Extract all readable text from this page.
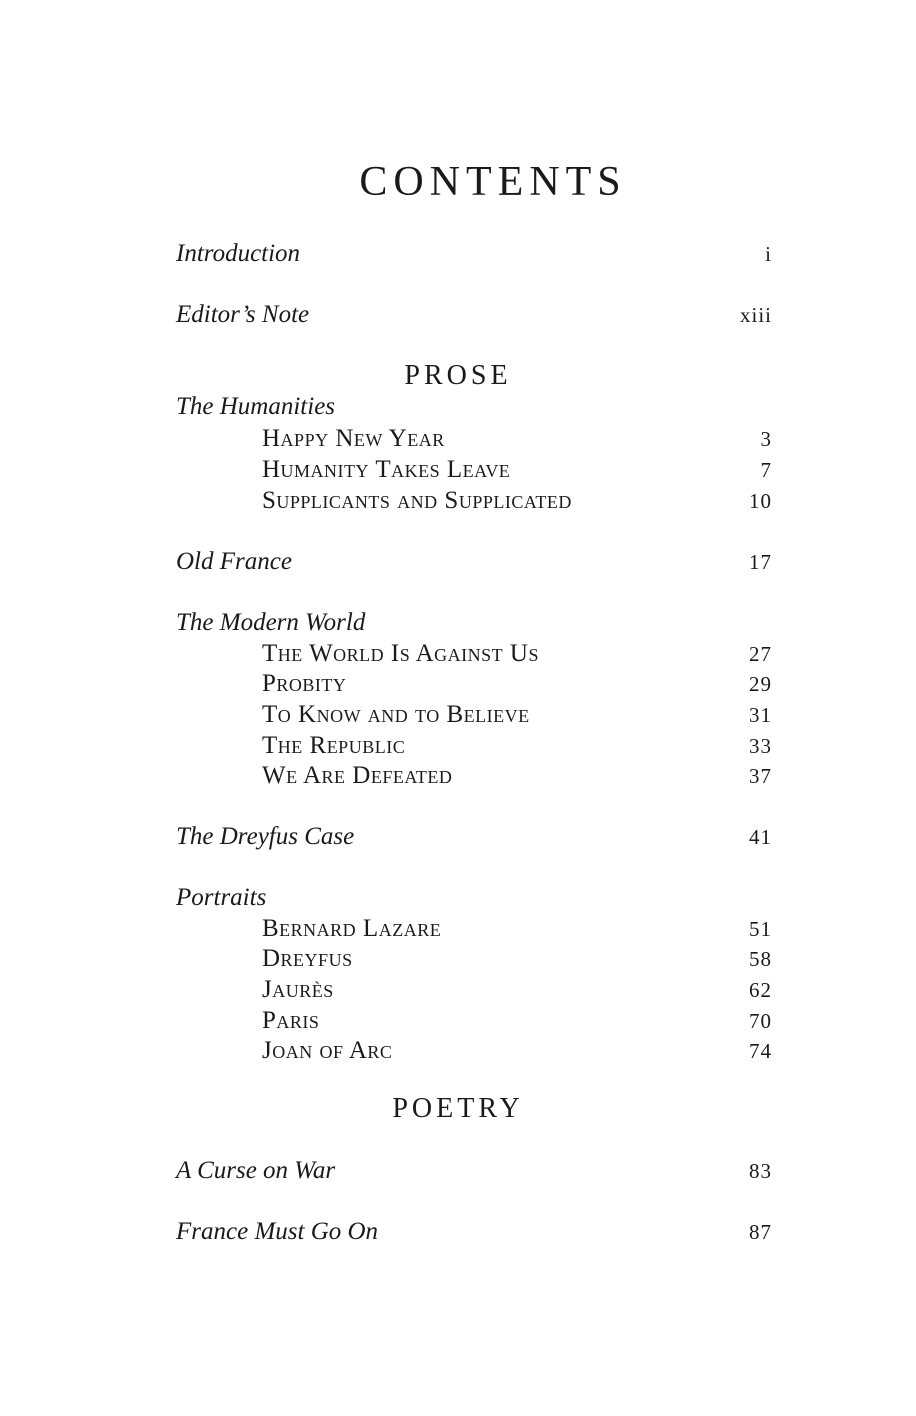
CONTENTS
Introduction	i
Editor’s Note	xiii
PROSE
The Humanities
Happy New Year	3
Humanity Takes Leave	7
Supplicants and Supplicated	10
Old France	17
The Modern World
The World Is Against Us	27
Probity	29
To Know and to Believe	31
The Republic	33
We Are Defeated	37
The Dreyfus Case	41
Portraits
Bernard Lazare	51
Dreyfus	58
Jaurès	62
Paris	70
Joan of Arc	74
POETRY
A Curse on War	83
France Must Go On	87
